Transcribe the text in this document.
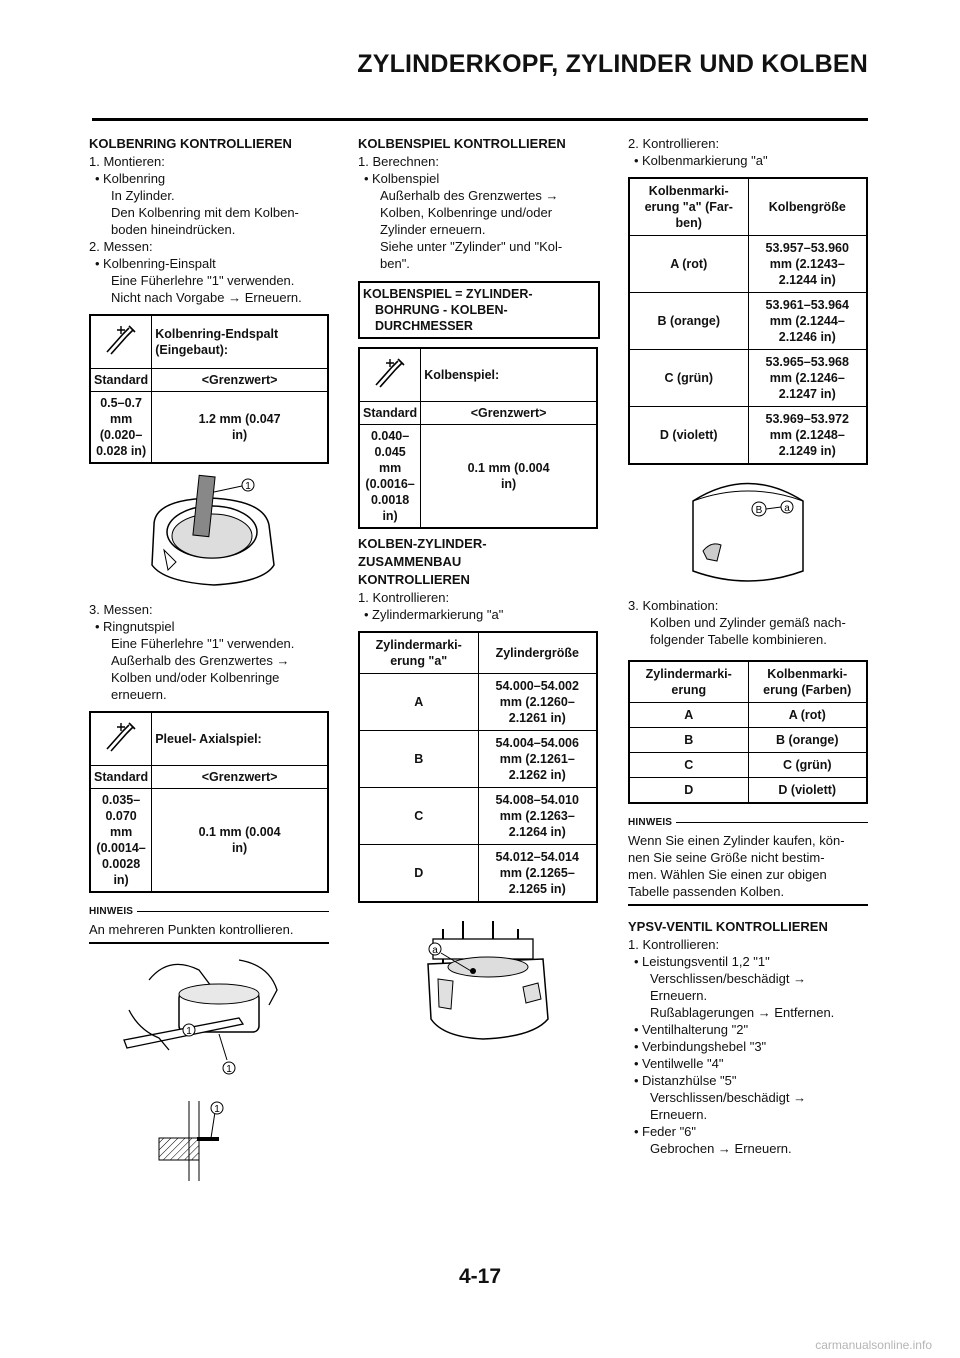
ZYLINDERKOPF, ZYLINDER UND KOLBEN

KOLBENRING KONTROLLIEREN

1. Montieren:

• Kolbenring

In Zylinder.

Den Kolbenring mit dem Kolben-

boden hineindrücken.

2. Messen:

• Kolbenring-Einspalt

Eine Füherlehre "1" verwenden.

Nicht nach Vorgabe → Erneuern.

	Kolbenring-Endspalt
(Eingebaut):
Standard	<Grenzwert>
0.5–0.7 mm
(0.020–0.028 in)	1.2 mm (0.047
in)
1

3. Messen:

• Ringnutspiel

Eine Füherlehre "1" verwenden.

Außerhalb des Grenzwertes →

Kolben und/oder Kolbenringe

erneuern.

	Pleuel- Axialspiel:
Standard	<Grenzwert>
0.035–0.070
mm (0.0014–
0.0028 in)	0.1 mm (0.004
in)
HINWEIS
An mehreren Punkten kontrollieren.
1
1
1

KOLBENSPIEL KONTROLLIEREN

1. Berechnen:

• Kolbenspiel

Außerhalb des Grenzwertes →

Kolben, Kolbenringe und/oder

Zylinder erneuern.

Siehe unter "Zylinder" und "Kol-

ben".

KOLBENSPIEL = ZYLINDER-
BOHRUNG - KOLBEN-
DURCHMESSER
	Kolbenspiel:
Standard	<Grenzwert>
0.040–0.045
mm (0.0016–
0.0018 in)	0.1 mm (0.004
in)

KOLBEN-ZYLINDER-

ZUSAMMENBAU

KONTROLLIEREN

1. Kontrollieren:

• Zylindermarkierung "a"

Zylindermarki-
erung "a"	Zylindergröße
A	54.000–54.002
mm (2.1260–
2.1261 in)
B	54.004–54.006
mm (2.1261–
2.1262 in)
C	54.008–54.010
mm (2.1263–
2.1264 in)
D	54.012–54.014
mm (2.1265–
2.1265 in)
a

2. Kontrollieren:

• Kolbenmarkierung "a"

Kolbenmarki-
erung "a" (Far-
ben)	Kolbengröße
A (rot)	53.957–53.960
mm (2.1243–
2.1244 in)
B (orange)	53.961–53.964
mm (2.1244–
2.1246 in)
C (grün)	53.965–53.968
mm (2.1246–
2.1247 in)
D (violett)	53.969–53.972
mm (2.1248–
2.1249 in)
B a

3. Kombination:

Kolben und Zylinder gemäß nach-

folgender Tabelle kombinieren.

Zylindermarki-
erung	Kolbenmarki-
erung (Farben)
A	A (rot)
B	B (orange)
C	C (grün)
D	D (violett)
HINWEIS
Wenn Sie einen Zylinder kaufen, kön-
nen Sie seine Größe nicht bestim-
men. Wählen Sie einen zur obigen
Tabelle passenden Kolben.

YPSV-VENTIL KONTROLLIEREN

1. Kontrollieren:

• Leistungsventil 1,2 "1"

Verschlissen/beschädigt →

Erneuern.

Rußablagerungen → Entfernen.

• Ventilhalterung "2"

• Verbindungshebel "3"

• Ventilwelle "4"

• Distanzhülse "5"

Verschlissen/beschädigt →

Erneuern.

• Feder "6"

Gebrochen → Erneuern.

4-17
carmanualsonline.info
